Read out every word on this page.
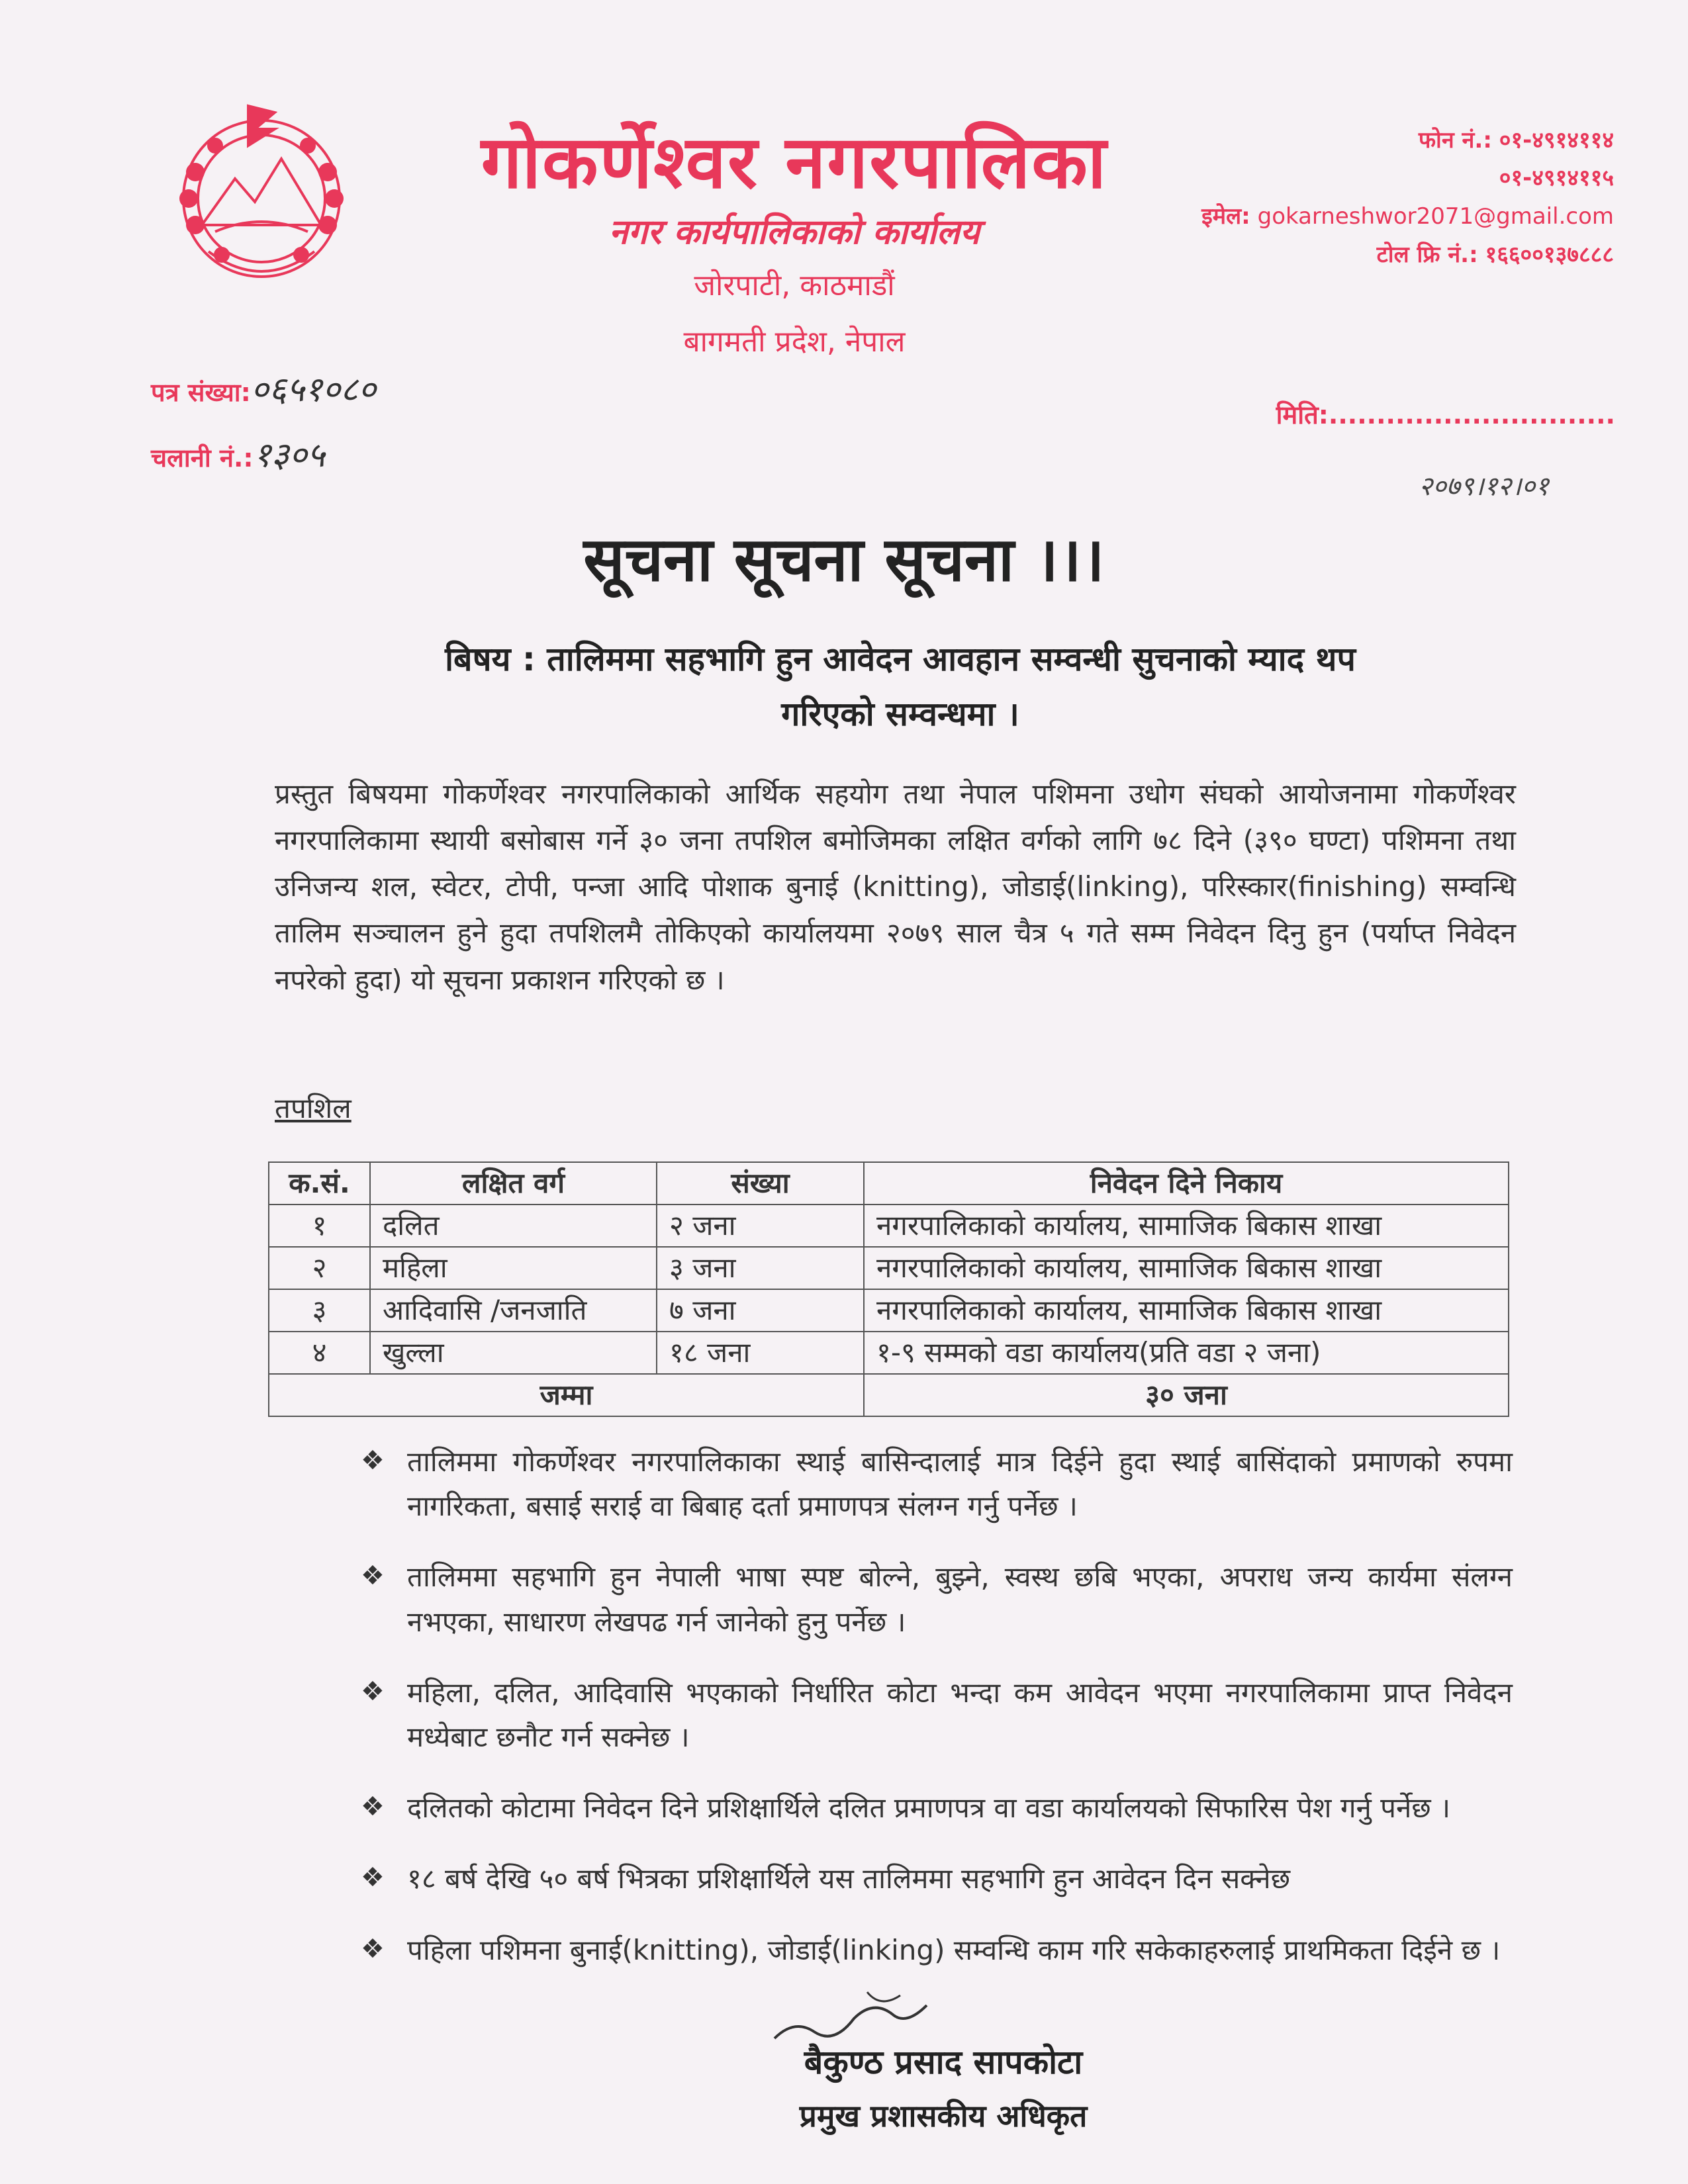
गोकर्णेश्वर नगरपालिका
नगर कार्यपालिकाको कार्यालय
जोरपाटी, काठमाडौं
बागमती प्रदेश, नेपाल
फोन नं.: ०१-४९१४११४
०१-४९१४११५
इमेल: gokarneshwor2071@gmail.com
टोल फ्रि नं.: १६६००१३७८८८
पत्र संख्या:०६५१०८०
चलानी नं.:१३०५
मिति:..............................
२०७९।१२।०१
सूचना सूचना सूचना ।।।
बिषय : तालिममा सहभागि हुन आवेदन आवहान सम्वन्धी सुचनाको म्याद थप
गरिएको सम्वन्धमा ।
प्रस्तुत बिषयमा गोकर्णेश्वर नगरपालिकाको आर्थिक सहयोग तथा नेपाल पशिमना उधोग संघको आयोजनामा गोकर्णेश्वर नगरपालिकामा स्थायी बसोबास गर्ने ३० जना तपशिल बमोजिमका लक्षित वर्गको लागि ७८ दिने (३९० घण्टा) पशिमना तथा उनिजन्य शल, स्वेटर, टोपी, पन्जा आदि पोशाक बुनाई (knitting), जोडाई(linking), परिस्कार(finishing) सम्वन्धि तालिम सञ्चालन हुने हुदा तपशिलमै तोकिएको कार्यालयमा २०७९ साल चैत्र ५ गते सम्म निवेदन दिनु हुन (पर्याप्त निवेदन नपरेको हुदा) यो सूचना प्रकाशन गरिएको छ ।
तपशिल
क.सं.	लक्षित वर्ग	संख्या	निवेदन दिने निकाय
१	दलित	२ जना	नगरपालिकाको कार्यालय, सामाजिक बिकास शाखा
२	महिला	३ जना	नगरपालिकाको कार्यालय, सामाजिक बिकास शाखा
३	आदिवासि /जनजाति	७ जना	नगरपालिकाको कार्यालय, सामाजिक बिकास शाखा
४	खुल्ला	१८ जना	१-९ सम्मको वडा कार्यालय(प्रति वडा २ जना)
जम्मा			३० जना
❖ तालिममा गोकर्णेश्वर नगरपालिकाका स्थाई बासिन्दालाई मात्र दिईने हुदा स्थाई बासिंदाको प्रमाणको रुपमा नागरिकता, बसाई सराई वा बिबाह दर्ता प्रमाणपत्र संलग्न गर्नु पर्नेछ ।
❖ तालिममा सहभागि हुन नेपाली भाषा स्पष्ट बोल्ने, बुझ्ने, स्वस्थ छबि भएका, अपराध जन्य कार्यमा संलग्न नभएका, साधारण लेखपढ गर्न जानेको हुनु पर्नेछ ।
❖ महिला, दलित, आदिवासि भएकाको निर्धारित कोटा भन्दा कम आवेदन भएमा नगरपालिकामा प्राप्त निवेदन मध्येबाट छनौट गर्न सक्नेछ ।
❖ दलितको कोटामा निवेदन दिने प्रशिक्षार्थिले दलित प्रमाणपत्र वा वडा कार्यालयको सिफारिस पेश गर्नु पर्नेछ ।
❖ १८ बर्ष देखि ५० बर्ष भित्रका प्रशिक्षार्थिले यस तालिममा सहभागि हुन आवेदन दिन सक्नेछ
❖ पहिला पशिमना बुनाई(knitting), जोडाई(linking) सम्वन्धि काम गरि सकेकाहरुलाई प्राथमिकता दिईने छ ।
बैकुण्ठ प्रसाद सापकोटा
प्रमुख प्रशासकीय अधिकृत
